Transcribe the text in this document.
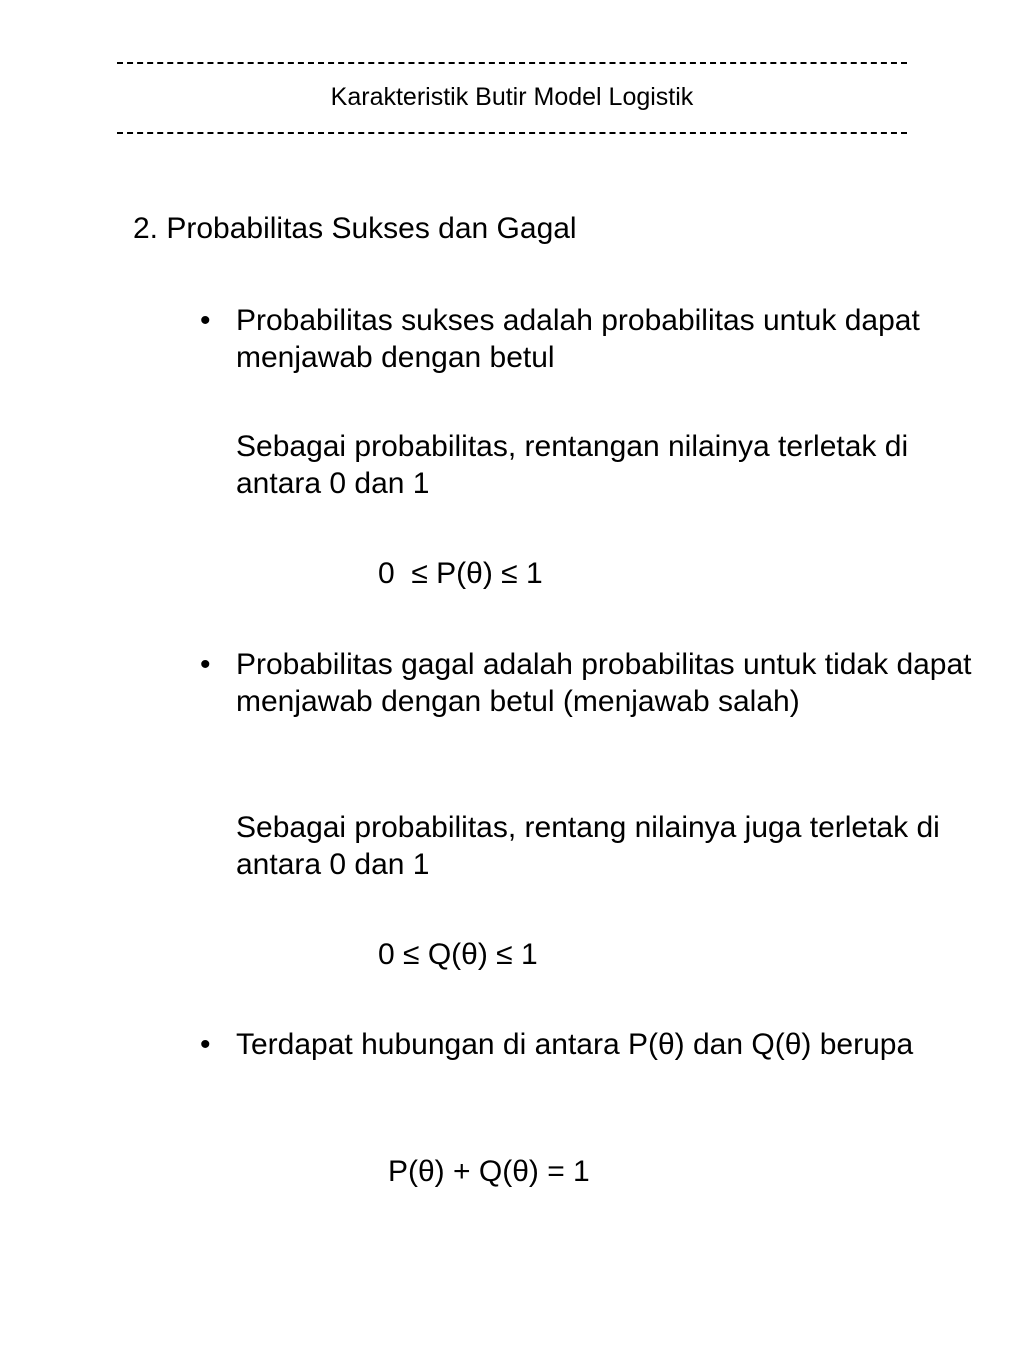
Karakteristik Butir Model Logistik
2. Probabilitas Sukses dan Gagal
• Probabilitas sukses adalah probabilitas untuk dapat menjawab dengan betul
Sebagai probabilitas, rentangan nilainya terletak di antara 0 dan 1
0  ≤ P(θ) ≤ 1
• Probabilitas gagal adalah probabilitas untuk tidak dapat menjawab dengan betul (menjawab salah)
Sebagai probabilitas, rentang nilainya juga terletak di antara 0 dan 1
0 ≤ Q(θ) ≤ 1
• Terdapat hubungan di antara P(θ) dan Q(θ) berupa
P(θ) + Q(θ) = 1
